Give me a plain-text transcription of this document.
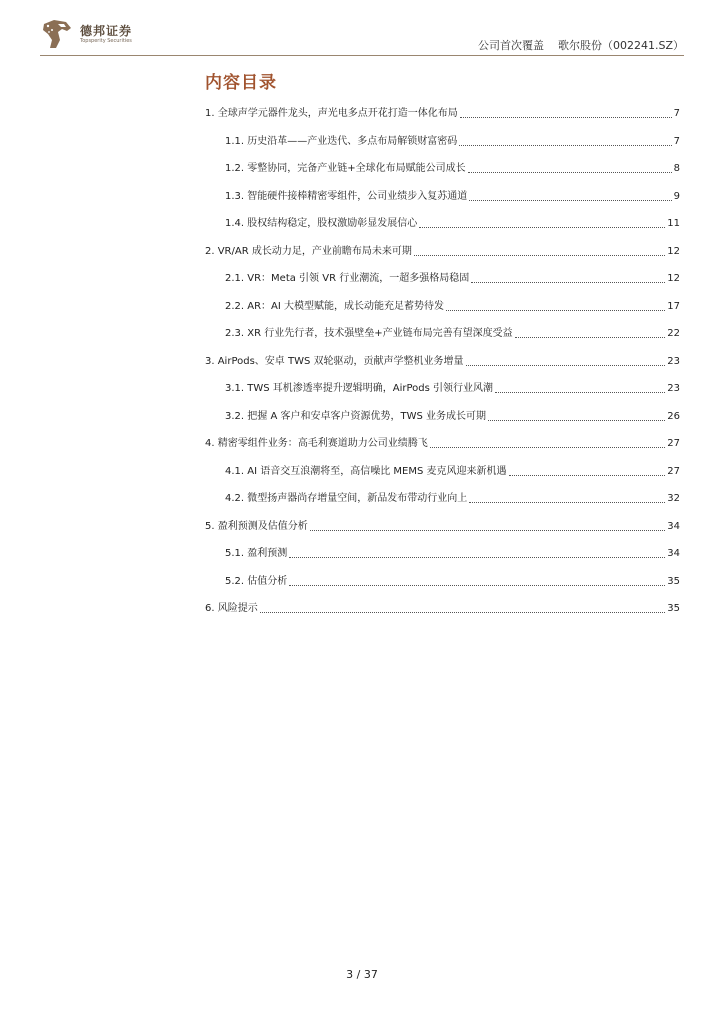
德邦证券
Topsperity Securities	公司首次覆盖 歌尔股份（002241.SZ）
内容目录
1. 全球声学元器件龙头，声光电多点开花打造一体化布局	7
1.1. 历史沿革——产业迭代、多点布局解锁财富密码	7
1.2. 零整协同，完备产业链+全球化布局赋能公司成长	8
1.3. 智能硬件接棒精密零组件，公司业绩步入复苏通道	9
1.4. 股权结构稳定，股权激励彰显发展信心	11
2. VR/AR 成长动力足，产业前瞻布局未来可期	12
2.1. VR：Meta 引领 VR 行业潮流，一超多强格局稳固	12
2.2. AR：AI 大模型赋能，成长动能充足蓄势待发	17
2.3. XR 行业先行者，技术强壁垒+产业链布局完善有望深度受益	22
3. AirPods、安卓 TWS 双轮驱动，贡献声学整机业务增量	23
3.1. TWS 耳机渗透率提升逻辑明确，AirPods 引领行业风潮	23
3.2. 把握 A 客户和安卓客户资源优势，TWS 业务成长可期	26
4. 精密零组件业务：高毛利赛道助力公司业绩腾飞	27
4.1. AI 语音交互浪潮将至，高信噪比 MEMS 麦克风迎来新机遇	27
4.2. 微型扬声器尚存增量空间，新品发布带动行业向上	32
5. 盈利预测及估值分析	34
5.1. 盈利预测	34
5.2. 估值分析	35
6. 风险提示	35
3 / 37
